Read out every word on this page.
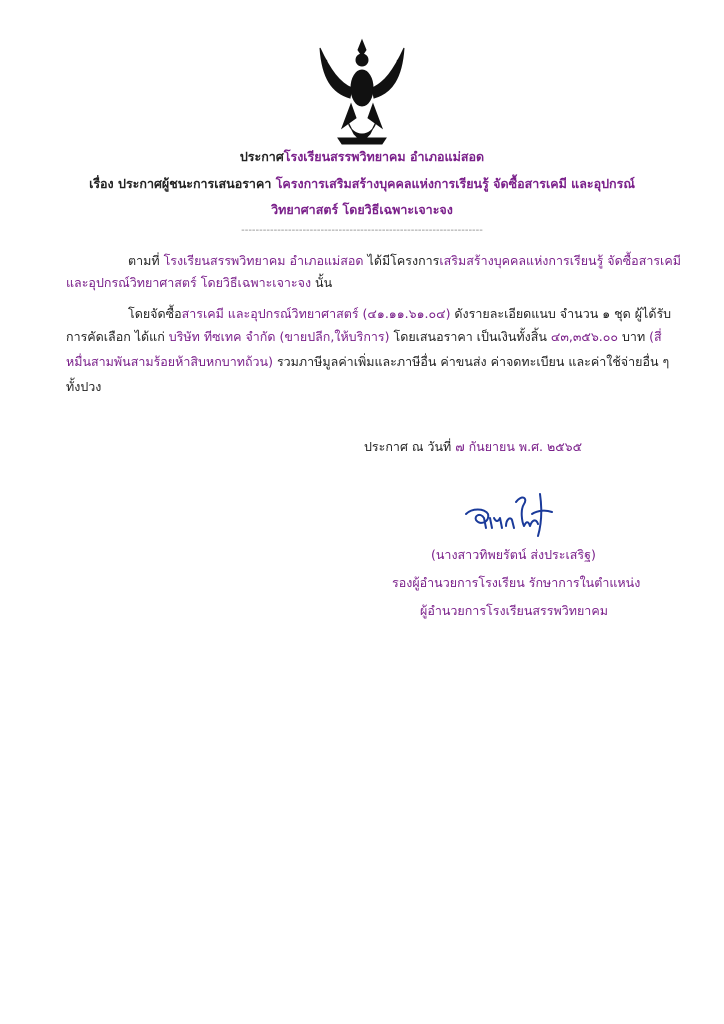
ประกาศโรงเรียนสรรพวิทยาคม อำเภอแม่สอด
เรื่อง ประกาศผู้ชนะการเสนอราคา โครงการเสริมสร้างบุคคลแห่งการเรียนรู้ จัดซื้อสารเคมี และอุปกรณ์
วิทยาศาสตร์ โดยวิธีเฉพาะเจาะจง
-------------------------------------------------------------------
ตามที่ โรงเรียนสรรพวิทยาคม อำเภอแม่สอด ได้มีโครงการเสริมสร้างบุคคลแห่งการเรียนรู้ จัดซื้อสารเคมี
และอุปกรณ์วิทยาศาสตร์ โดยวิธีเฉพาะเจาะจง นั้น
โดยจัดซื้อสารเคมี และอุปกรณ์วิทยาศาสตร์ (๔๑.๑๑.๖๑.๐๔) ดังรายละเอียดแนบ จำนวน ๑ ชุด ผู้ได้รับ
การคัดเลือก ได้แก่ บริษัท ทีซเทค จำกัด (ขายปลีก,ให้บริการ) โดยเสนอราคา เป็นเงินทั้งสิ้น ๔๓,๓๕๖.๐๐ บาท (สี่
หมื่นสามพันสามร้อยห้าสิบหกบาทถ้วน) รวมภาษีมูลค่าเพิ่มและภาษีอื่น ค่าขนส่ง ค่าจดทะเบียน และค่าใช้จ่ายอื่น ๆ
ทั้งปวง
ประกาศ ณ วันที่ ๗ กันยายน พ.ศ. ๒๕๖๕
(นางสาวทิพยรัตน์ ส่งประเสริฐ)
รองผู้อำนวยการโรงเรียน รักษาการในตำแหน่ง
ผู้อำนวยการโรงเรียนสรรพวิทยาคม
